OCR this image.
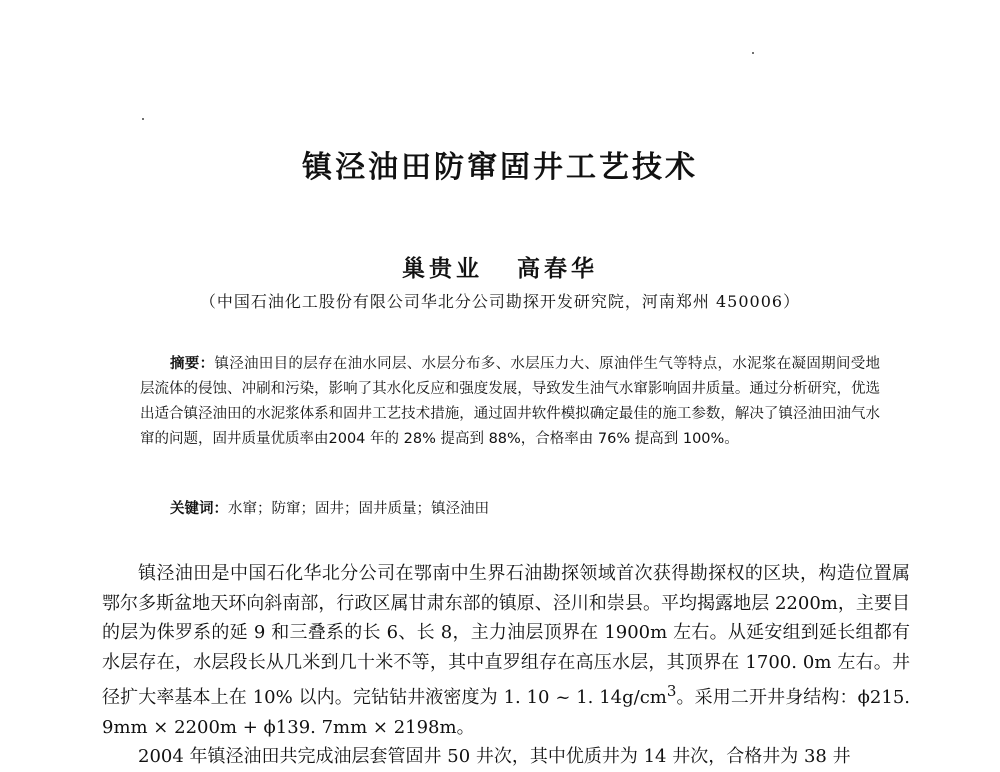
镇泾油田防窜固井工艺技术
巢贵业 高春华
（中国石油化工股份有限公司华北分公司勘探开发研究院，河南郑州 450006）
摘要：镇泾油田目的层存在油水同层、水层分布多、水层压力大、原油伴生气等特点，水泥浆在凝固期间受地层流体的侵蚀、冲刷和污染，影响了其水化反应和强度发展，导致发生油气水窜影响固井质量。通过分析研究，优选出适合镇泾油田的水泥浆体系和固井工艺技术措施，通过固井软件模拟确定最佳的施工参数，解决了镇泾油田油气水窜的问题，固井质量优质率由2004 年的 28% 提高到 88%，合格率由 76% 提高到 100%。
关键词：水窜；防窜；固井；固井质量；镇泾油田

镇泾油田是中国石化华北分公司在鄂南中生界石油勘探领域首次获得勘探权的区块，构造位置属鄂尔多斯盆地天环向斜南部，行政区属甘肃东部的镇原、泾川和崇县。平均揭露地层 2200m，主要目的层为侏罗系的延 9 和三叠系的长 6、长 8，主力油层顶界在 1900m 左右。从延安组到延长组都有水层存在，水层段长从几米到几十米不等，其中直罗组存在高压水层，其顶界在 1700. 0m 左右。井径扩大率基本上在 10% 以内。完钻钻井液密度为 1. 10 ~ 1. $14g/cm^3$。采用二开井身结构：ϕ215. 9mm × 2200m + ϕ139. 7mm × 2198m。

2004 年镇泾油田共完成油层套管固井 50 井次，其中优质井为 14 井次，合格井为 38 井
